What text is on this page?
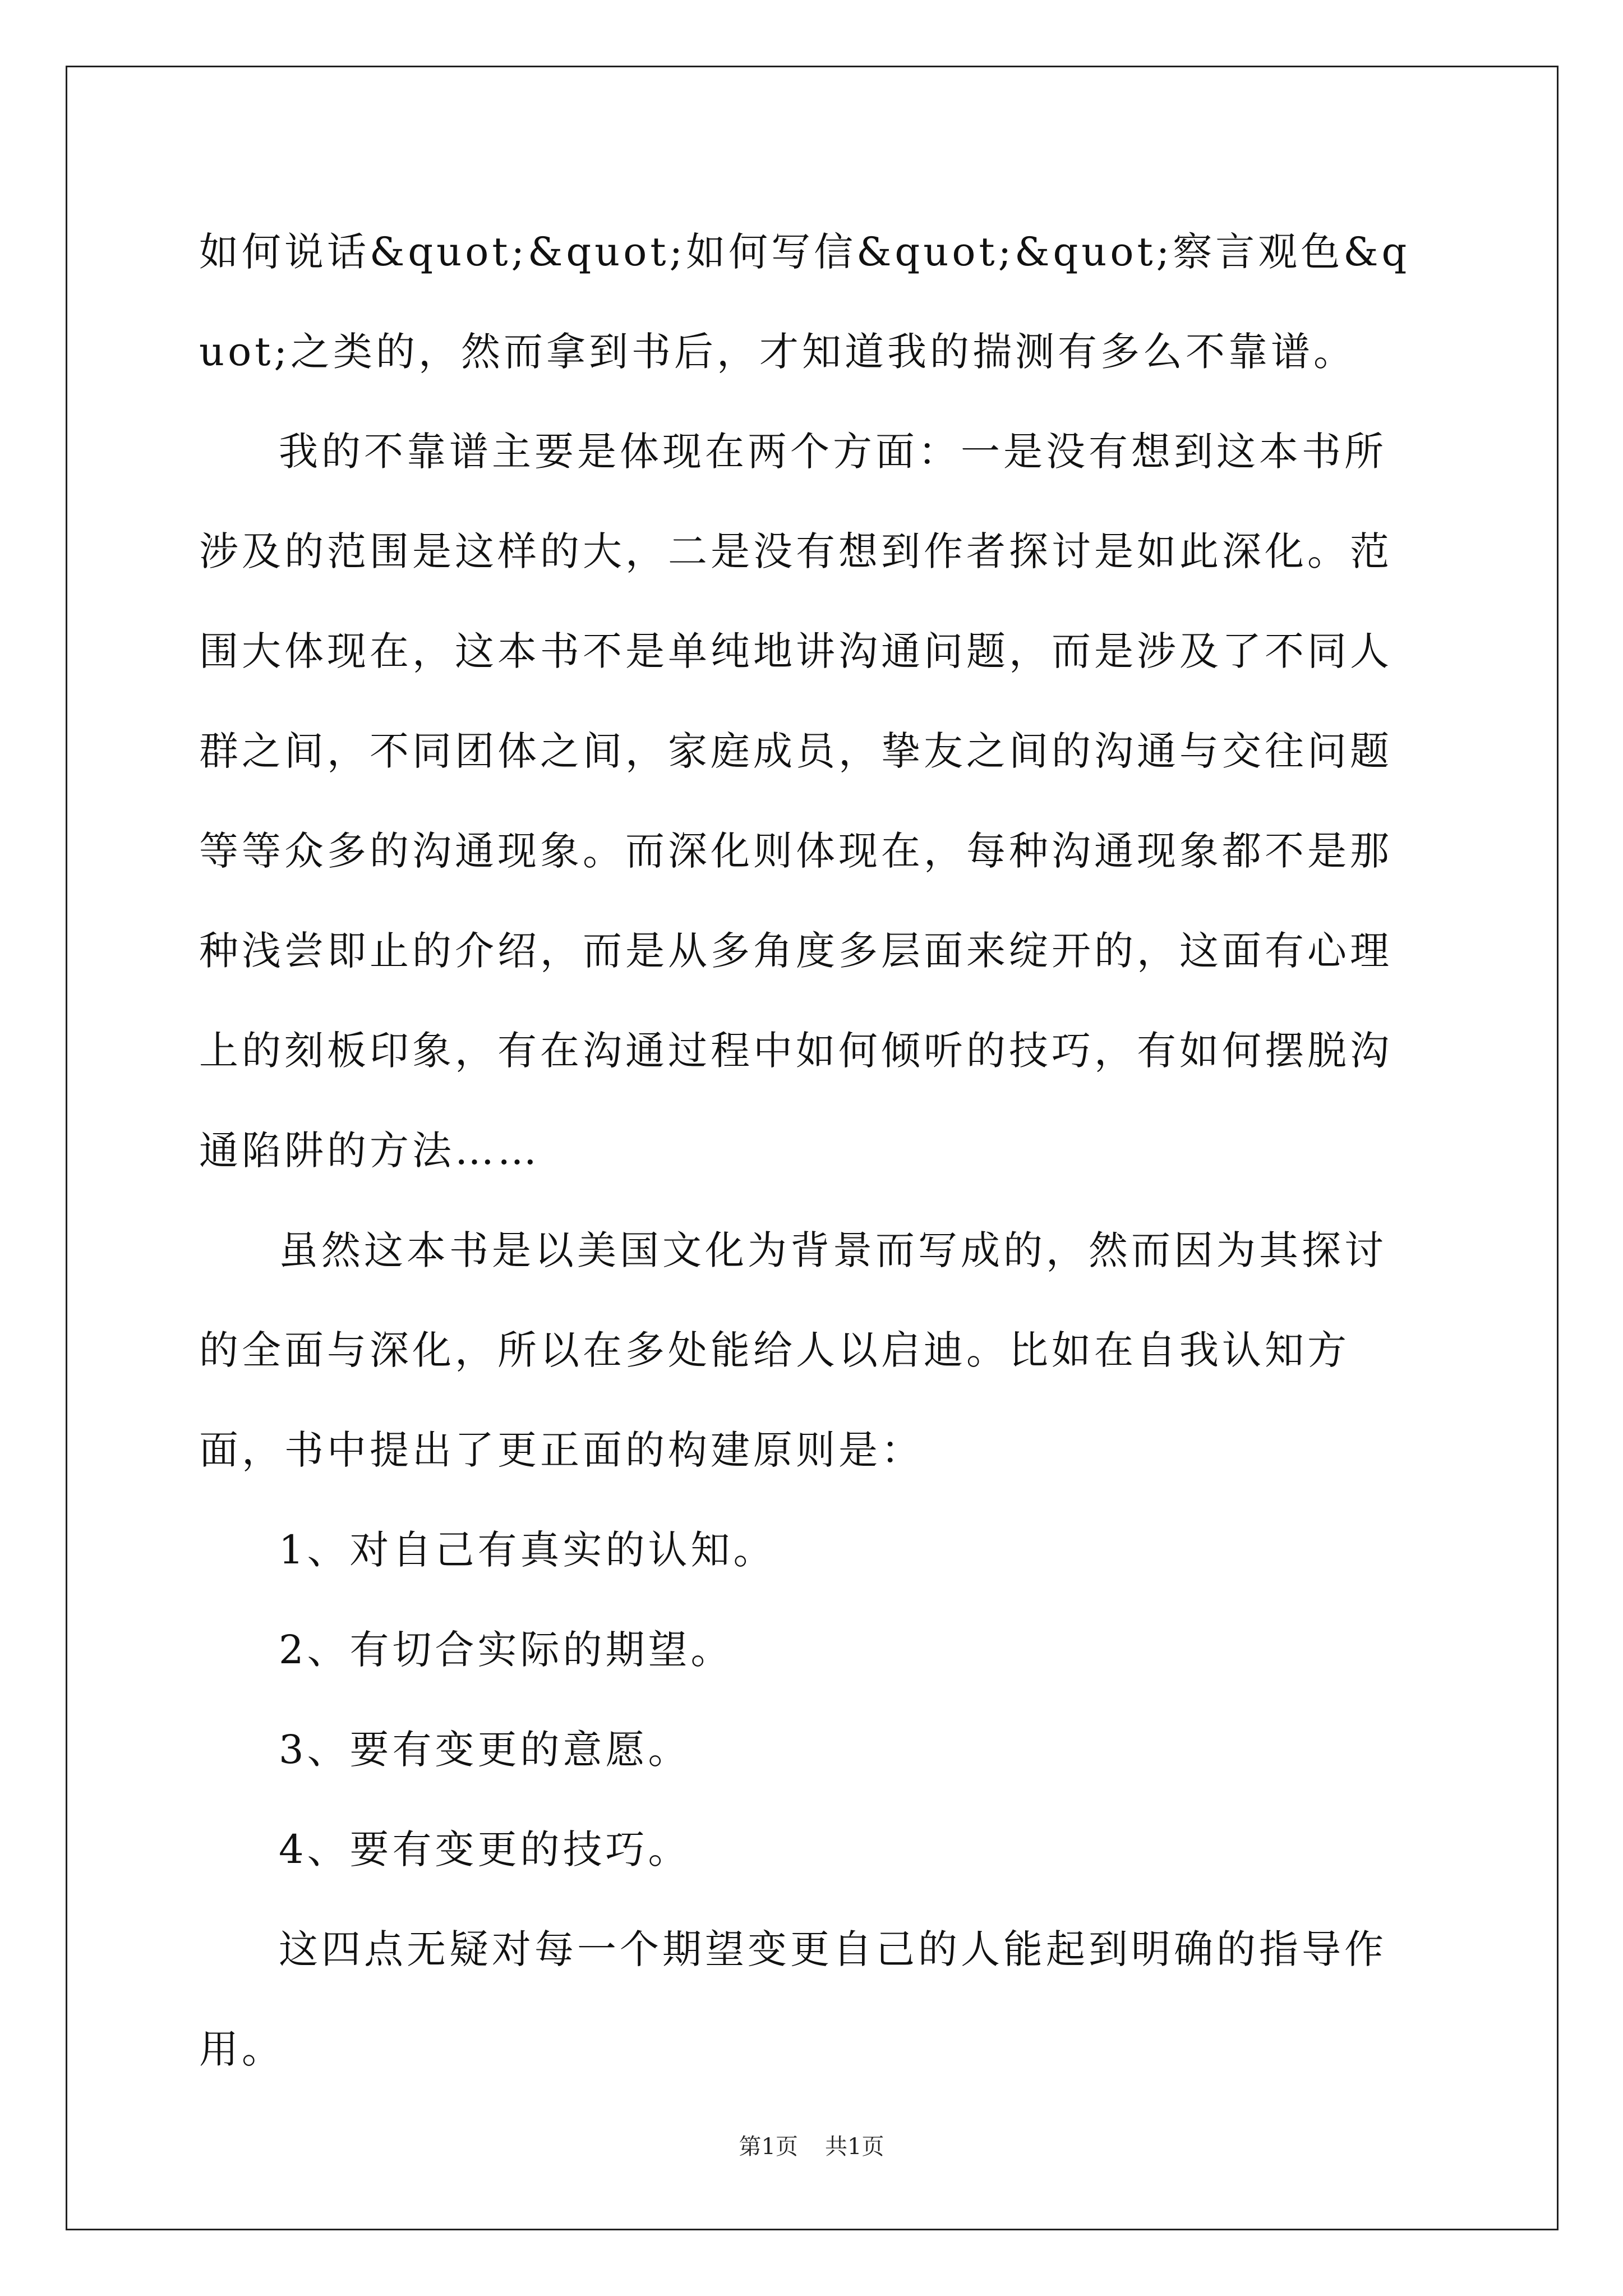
如何说话&quot;&quot;如何写信&quot;&quot;察言观色&quot;之类的，然而拿到书后，才知道我的揣测有多么不靠谱。

我的不靠谱主要是体现在两个方面：一是没有想到这本书所涉及的范围是这样的大，二是没有想到作者探讨是如此深化。范围大体现在，这本书不是单纯地讲沟通问题，而是涉及了不同人群之间，不同团体之间，家庭成员，挚友之间的沟通与交往问题等等众多的沟通现象。而深化则体现在，每种沟通现象都不是那种浅尝即止的介绍，而是从多角度多层面来绽开的，这面有心理上的刻板印象，有在沟通过程中如何倾听的技巧，有如何摆脱沟通陷阱的方法……

虽然这本书是以美国文化为背景而写成的，然而因为其探讨的全面与深化，所以在多处能给人以启迪。比如在自我认知方面，书中提出了更正面的构建原则是：

1、对自己有真实的认知。

2、有切合实际的期望。

3、要有变更的意愿。

4、要有变更的技巧。

这四点无疑对每一个期望变更自己的人能起到明确的指导作用。

第1页 共1页
